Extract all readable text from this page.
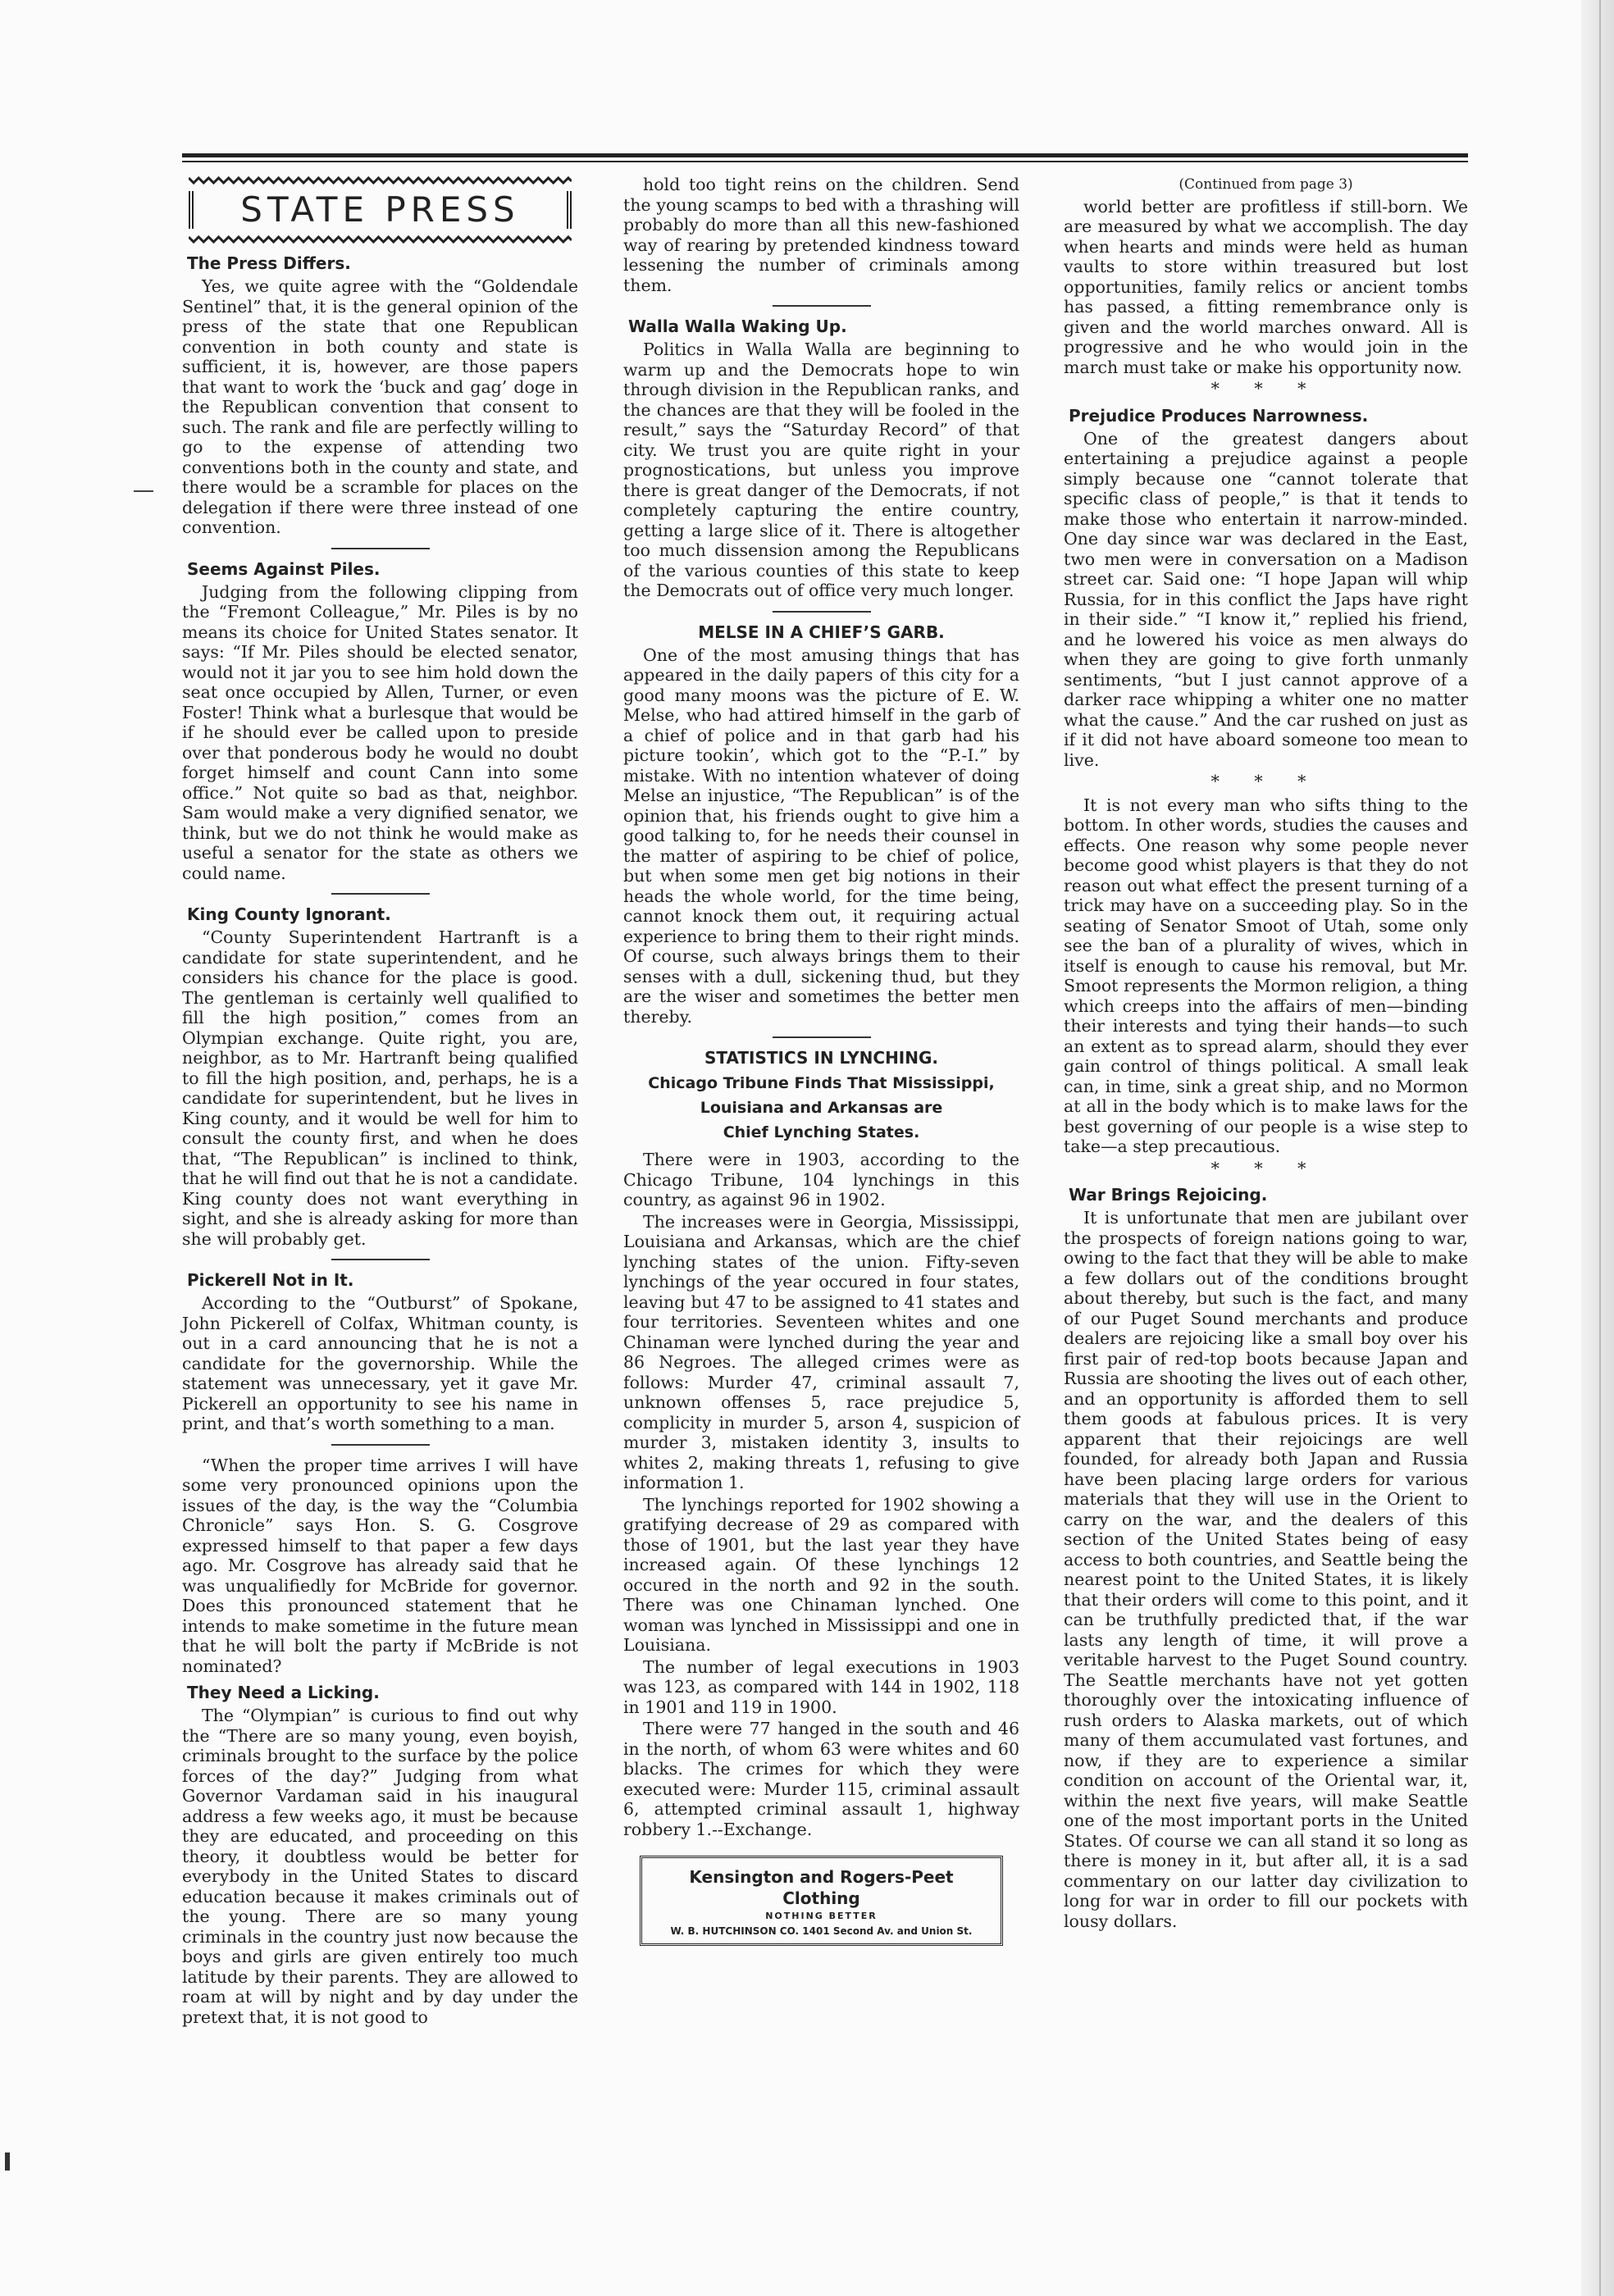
STATE PRESS
The Press Differs.

Yes, we quite agree with the “Goldendale Sentinel” that, it is the general opinion of the press of the state that one Republican convention in both county and state is sufficient, it is, however, are those papers that want to work the ‘buck and gag’ doge in the Republican convention that consent to such. The rank and file are perfectly willing to go to the expense of attending two conventions both in the county and state, and there would be a scramble for places on the delegation if there were three instead of one convention.

Seems Against Piles.

Judging from the following clipping from the “Fremont Colleague,” Mr. Piles is by no means its choice for United States senator. It says: “If Mr. Piles should be elected senator, would not it jar you to see him hold down the seat once occupied by Allen, Turner, or even Foster! Think what a burlesque that would be if he should ever be called upon to preside over that ponderous body he would no doubt forget himself and count Cann into some office.” Not quite so bad as that, neighbor. Sam would make a very dignified senator, we think, but we do not think he would make as useful a senator for the state as others we could name.

King County Ignorant.

“County Superintendent Hartranft is a candidate for state superintendent, and he considers his chance for the place is good. The gentleman is certainly well qualified to fill the high position,” comes from an Olympian exchange. Quite right, you are, neighbor, as to Mr. Hartranft being qualified to fill the high position, and, perhaps, he is a candidate for superintendent, but he lives in King county, and it would be well for him to consult the county first, and when he does that, “The Republican” is inclined to think, that he will find out that he is not a candidate. King county does not want everything in sight, and she is already asking for more than she will probably get.

Pickerell Not in It.

According to the “Outburst” of Spokane, John Pickerell of Colfax, Whitman county, is out in a card announcing that he is not a candidate for the governorship. While the statement was unnecessary, yet it gave Mr. Pickerell an opportunity to see his name in print, and that’s worth something to a man.

“When the proper time arrives I will have some very pronounced opinions upon the issues of the day, is the way the “Columbia Chronicle” says Hon. S. G. Cosgrove expressed himself to that paper a few days ago. Mr. Cosgrove has already said that he was unqualifiedly for McBride for governor. Does this pronounced statement that he intends to make sometime in the future mean that he will bolt the party if McBride is not nominated?

They Need a Licking.

The “Olympian” is curious to find out why the “There are so many young, even boyish, criminals brought to the surface by the police forces of the day?” Judging from what Governor Vardaman said in his inaugural address a few weeks ago, it must be because they are educated, and proceeding on this theory, it doubtless would be better for everybody in the United States to discard education because it makes criminals out of the young. There are so many young criminals in the country just now because the boys and girls are given entirely too much latitude by their parents. They are allowed to roam at will by night and by day under the pretext that, it is not good to

hold too tight reins on the children. Send the young scamps to bed with a thrashing will probably do more than all this new-fashioned way of rearing by pretended kindness toward lessening the number of criminals among them.

Walla Walla Waking Up.

Politics in Walla Walla are beginning to warm up and the Democrats hope to win through division in the Republican ranks, and the chances are that they will be fooled in the result,” says the “Saturday Record” of that city. We trust you are quite right in your prognostications, but unless you improve there is great danger of the Democrats, if not completely capturing the entire country, getting a large slice of it. There is altogether too much dissension among the Republicans of the various counties of this state to keep the Democrats out of office very much longer.

MELSE IN A CHIEF’S GARB.

One of the most amusing things that has appeared in the daily papers of this city for a good many moons was the picture of E. W. Melse, who had attired himself in the garb of a chief of police and in that garb had his picture tookin’, which got to the “P.-I.” by mistake. With no intention whatever of doing Melse an injustice, “The Republican” is of the opinion that, his friends ought to give him a good talking to, for he needs their counsel in the matter of aspiring to be chief of police, but when some men get big notions in their heads the whole world, for the time being, cannot knock them out, it requiring actual experience to bring them to their right minds. Of course, such always brings them to their senses with a dull, sickening thud, but they are the wiser and sometimes the better men thereby.

STATISTICS IN LYNCHING.
Chicago Tribune Finds That Mississippi,
Louisiana and Arkansas are
Chief Lynching States.

There were in 1903, according to the Chicago Tribune, 104 lynchings in this country, as against 96 in 1902.

The increases were in Georgia, Mississippi, Louisiana and Arkansas, which are the chief lynching states of the union. Fifty-seven lynchings of the year occured in four states, leaving but 47 to be assigned to 41 states and four territories. Seventeen whites and one Chinaman were lynched during the year and 86 Negroes. The alleged crimes were as follows: Murder 47, criminal assault 7, unknown offenses 5, race prejudice 5, complicity in murder 5, arson 4, suspicion of murder 3, mistaken identity 3, insults to whites 2, making threats 1, refusing to give information 1.

The lynchings reported for 1902 showing a gratifying decrease of 29 as compared with those of 1901, but the last year they have increased again. Of these lynchings 12 occured in the north and 92 in the south. There was one Chinaman lynched. One woman was lynched in Mississippi and one in Louisiana.

The number of legal executions in 1903 was 123, as compared with 144 in 1902, 118 in 1901 and 119 in 1900.

There were 77 hanged in the south and 46 in the north, of whom 63 were whites and 60 blacks. The crimes for which they were executed were: Murder 115, criminal assault 6, attempted criminal assault 1, highway robbery 1.--Exchange.

Kensington and Rogers-Peet Clothing
NOTHING BETTER
W. B. HUTCHINSON CO. 1401 Second Av. and Union St.
(Continued from page 3)

world better are profitless if still-born. We are measured by what we accomplish. The day when hearts and minds were held as human vaults to store within treasured but lost opportunities, family relics or ancient tombs has passed, a fitting remembrance only is given and the world marches onward. All is progressive and he who would join in the march must take or make his opportunity now.

* * *
Prejudice Produces Narrowness.

One of the greatest dangers about entertaining a prejudice against a people simply because one “cannot tolerate that specific class of people,” is that it tends to make those who entertain it narrow-minded. One day since war was declared in the East, two men were in conversation on a Madison street car. Said one: “I hope Japan will whip Russia, for in this conflict the Japs have right in their side.” “I know it,” replied his friend, and he lowered his voice as men always do when they are going to give forth unmanly sentiments, “but I just cannot approve of a darker race whipping a whiter one no matter what the cause.” And the car rushed on just as if it did not have aboard someone too mean to live.

* * *

It is not every man who sifts thing to the bottom. In other words, studies the causes and effects. One reason why some people never become good whist players is that they do not reason out what effect the present turning of a trick may have on a succeeding play. So in the seating of Senator Smoot of Utah, some only see the ban of a plurality of wives, which in itself is enough to cause his removal, but Mr. Smoot represents the Mormon religion, a thing which creeps into the affairs of men—binding their interests and tying their hands—to such an extent as to spread alarm, should they ever gain control of things political. A small leak can, in time, sink a great ship, and no Mormon at all in the body which is to make laws for the best governing of our people is a wise step to take—a step precautious.

* * *
War Brings Rejoicing.

It is unfortunate that men are jubilant over the prospects of foreign nations going to war, owing to the fact that they will be able to make a few dollars out of the conditions brought about thereby, but such is the fact, and many of our Puget Sound merchants and produce dealers are rejoicing like a small boy over his first pair of red-top boots because Japan and Russia are shooting the lives out of each other, and an opportunity is afforded them to sell them goods at fabulous prices. It is very apparent that their rejoicings are well founded, for already both Japan and Russia have been placing large orders for various materials that they will use in the Orient to carry on the war, and the dealers of this section of the United States being of easy access to both countries, and Seattle being the nearest point to the United States, it is likely that their orders will come to this point, and it can be truthfully predicted that, if the war lasts any length of time, it will prove a veritable harvest to the Puget Sound country. The Seattle merchants have not yet gotten thoroughly over the intoxicating influence of rush orders to Alaska markets, out of which many of them accumulated vast fortunes, and now, if they are to experience a similar condition on account of the Oriental war, it, within the next five years, will make Seattle one of the most important ports in the United States. Of course we can all stand it so long as there is money in it, but after all, it is a sad commentary on our latter day civilization to long for war in order to fill our pockets with lousy dollars.
